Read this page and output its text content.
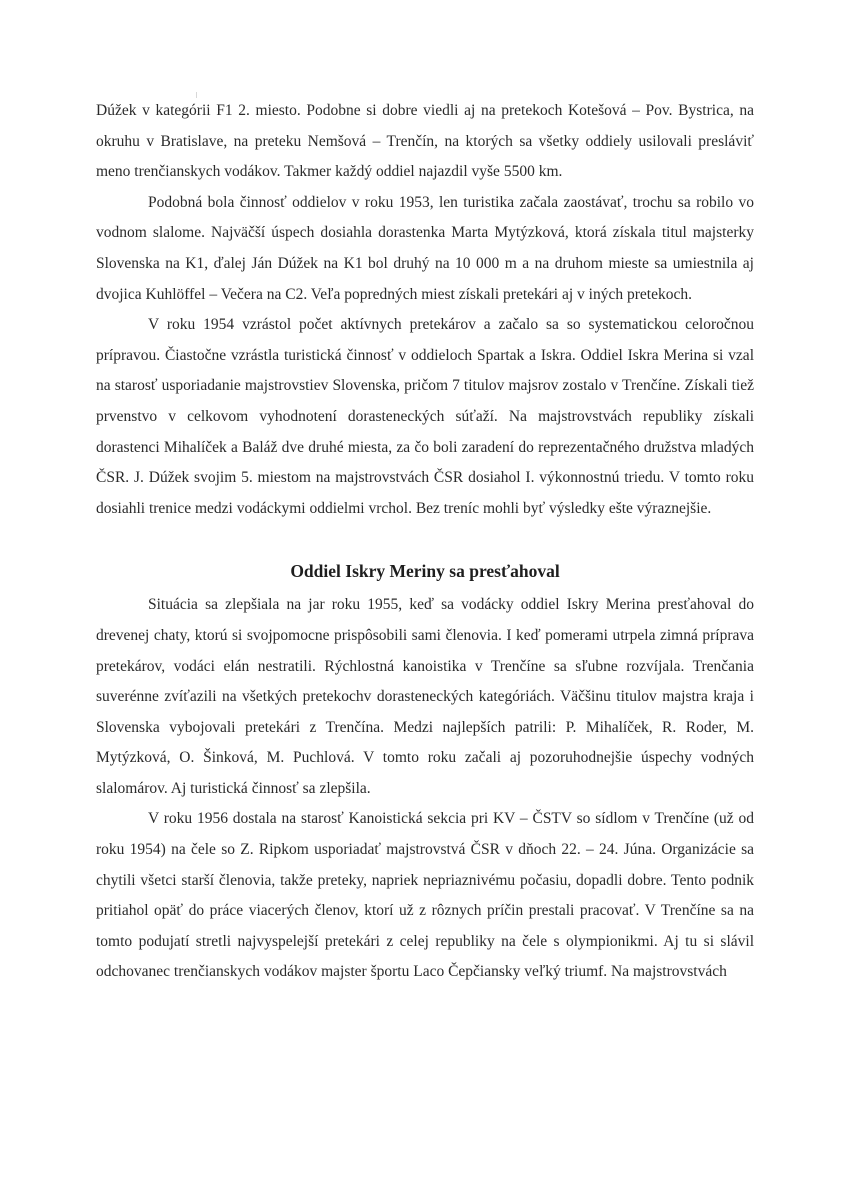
Dúžek v kategórii F1 2. miesto. Podobne si dobre viedli aj na pretekoch Kotešová – Pov. Bystrica, na okruhu v Bratislave, na preteku Nemšová – Trenčín, na ktorých sa všetky oddiely usilovali presláviť meno trenčianskych vodákov. Takmer každý oddiel najazdil vyše 5500 km.

Podobná bola činnosť oddielov v roku 1953, len turistika začala zaostávať, trochu sa robilo vo vodnom slalome. Najväčší úspech dosiahla dorastenka Marta Mytýzková, ktorá získala titul majsterky Slovenska na K1, ďalej Ján Dúžek na K1 bol druhý na 10 000 m a na druhom mieste sa umiestnila aj dvojica Kuhlöffel – Večera na C2. Veľa popredných miest získali pretekári aj v iných pretekoch.

V roku 1954 vzrástol počet aktívnych pretekárov a začalo sa so systematickou celoročnou prípravou. Čiastočne vzrástla turistická činnosť v oddieloch Spartak a Iskra. Oddiel Iskra Merina si vzal na starosť usporiadanie majstrovstiev Slovenska, pričom 7 titulov majsrov zostalo v Trenčíne. Získali tiež prvenstvo v celkovom vyhodnotení dorasteneckých súťaží. Na majstrovstvách republiky získali dorastenci Mihalíček a Baláž dve druhé miesta, za čo boli zaradení do reprezentačného družstva mladých ČSR. J. Dúžek svojim 5. miestom na majstrovstvách ČSR dosiahol I. výkonnostnú triedu. V tomto roku dosiahli trenice medzi vodáckymi oddielmi vrchol. Bez treníc mohli byť výsledky ešte výraznejšie.

Oddiel Iskry Meriny sa presťahoval

Situácia sa zlepšiala na jar roku 1955, keď sa vodácky oddiel Iskry Merina presťahoval do drevenej chaty, ktorú si svojpomocne prispôsobili sami členovia. I keď pomerami utrpela zimná príprava pretekárov, vodáci elán nestratili. Rýchlostná kanoistika v Trenčíne sa sľubne rozvíjala. Trenčania suverénne zvíťazili na všetkých pretekochv dorasteneckých kategóriách. Väčšinu titulov majstra kraja i Slovenska vybojovali pretekári z Trenčína. Medzi najlepších patrili: P. Mihalíček, R. Roder, M. Mytýzková, O. Šinková, M. Puchlová. V tomto roku začali aj pozoruhodnejšie úspechy vodných slalomárov. Aj turistická činnosť sa zlepšila.

V roku 1956 dostala na starosť Kanoistická sekcia pri KV – ČSTV so sídlom v Trenčíne (už od roku 1954) na čele so Z. Ripkom usporiadať majstrovstvá ČSR v dňoch 22. – 24. Júna. Organizácie sa chytili všetci starší členovia, takže preteky, napriek nepriaznivému počasiu, dopadli dobre. Tento podnik pritiahol opäť do práce viacerých členov, ktorí už z rôznych príčin prestali pracovať. V Trenčíne sa na tomto podujatí stretli najvyspelejší pretekári z celej republiky na čele s olympionikmi. Aj tu si slávil odchovanec trenčianskych vodákov majster športu Laco Čepčiansky veľký triumf. Na majstrovstvách
